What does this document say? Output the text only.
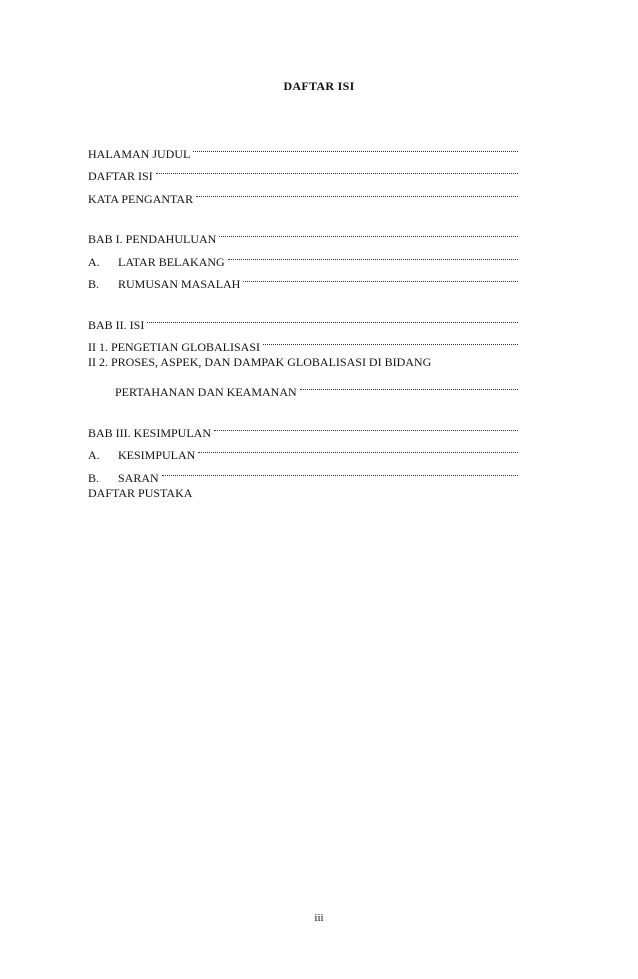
DAFTAR ISI
HALAMAN JUDUL
DAFTAR ISI
KATA PENGANTAR
BAB I. PENDAHULUAN
A.	LATAR BELAKANG
B.	RUMUSAN MASALAH
BAB II. ISI
II 1. PENGETIAN GLOBALISASI
II 2. PROSES, ASPEK, DAN DAMPAK GLOBALISASI DI BIDANG
PERTAHANAN DAN KEAMANAN
BAB III. KESIMPULAN
A.	KESIMPULAN
B.	SARAN
DAFTAR PUSTAKA
iii
